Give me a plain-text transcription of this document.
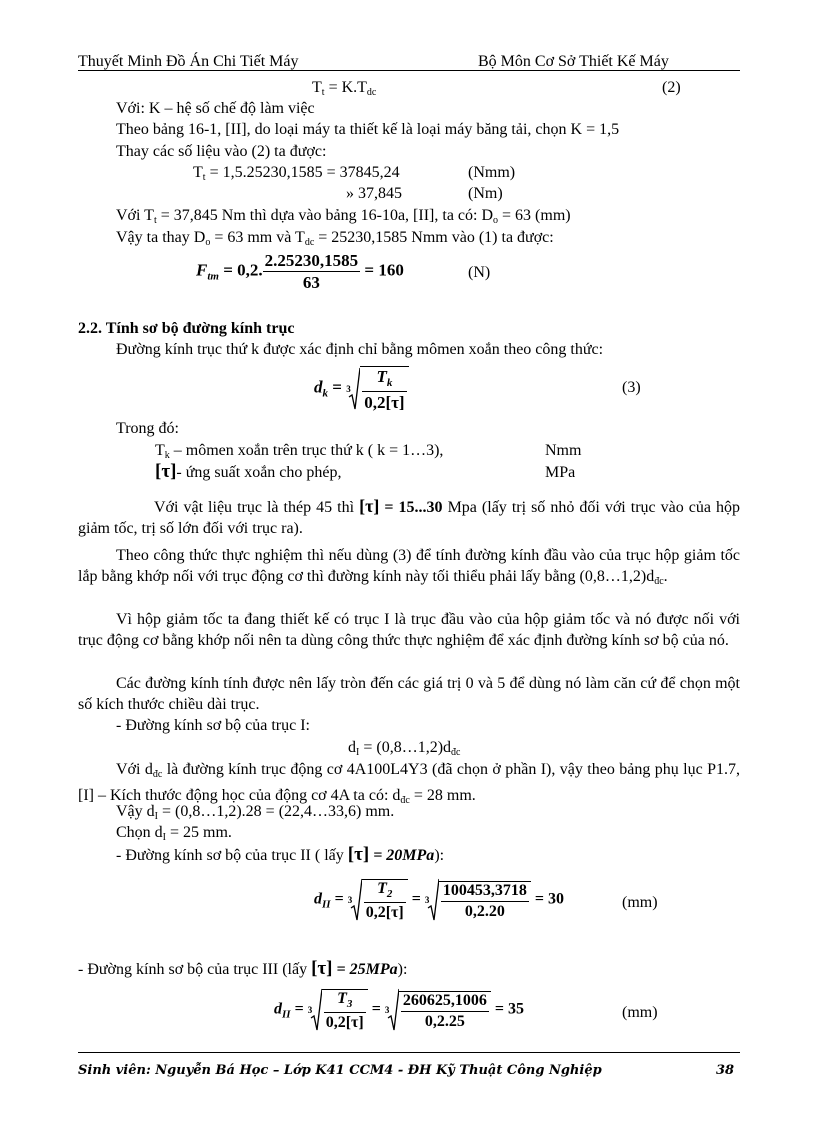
Thuyết Minh Đồ Án Chi Tiết Máy	Bộ Môn Cơ Sở Thiết Kế Máy
$T_t = K.T_{dc}$	(2)
Với: K – hệ số chế độ làm việc
Theo bảng 16-1, [II], do loại máy ta thiết kế là loại máy băng tải, chọn K = 1,5
Thay các số liệu vào (2) ta được:
$T_t = 1,5.25230,1585 = 37845,24$	(Nmm)
» 37,845	(Nm)
Với $T_t = 37,845$ Nm thì dựa vào bảng 16-10a, [II], ta có: $D_o = 63$ (mm)
Vậy ta thay $D_o = 63$ mm và $T_{dc} = 25230,1585$ Nmm vào (1) ta được:
$F_{tm} = 0,2$. $\frac{2.25230,1585}{63} = 160$	(N)
2.2. Tính sơ bộ đường kính trục
Đường kính trục thứ k được xác định chỉ bằng mômen xoắn theo công thức:
$d_k = 3 \frac{T_k}{0,2[\tau]}$	(3)
Trong đó:
$T_k$ – mômen xoắn trên trục thứ k ( k = 1…3),	Nmm
[τ]- ứng suất xoắn cho phép,	MPa
Với vật liệu trục là thép 45 thì [τ] = 15...30 Mpa (lấy trị số nhỏ đối với trục vào của hộp giảm tốc, trị số lớn đối với trục ra).
Theo công thức thực nghiệm thì nếu dùng (3) để tính đường kính đầu vào của trục hộp giảm tốc lắp bằng khớp nối với trục động cơ thì đường kính này tối thiểu phải lấy bằng $(0,8\dots 1,2)d_{đc}$.
Vì hộp giảm tốc ta đang thiết kế có trục I là trục đầu vào của hộp giảm tốc và nó được nối với trục động cơ bằng khớp nối nên ta dùng công thức thực nghiệm để xác định đường kính sơ bộ của nó.
Các đường kính tính được nên lấy tròn đến các giá trị 0 và 5 để dùng nó làm căn cứ để chọn một số kích thước chiều dài trục.
- Đường kính sơ bộ của trục I:
$d_I$ = $(0,8\dots 1,2)d_{đc}$
Với $d_{đc}$ là đường kính trục động cơ 4A100L4Y3 (đã chọn ở phần I), vậy theo bảng phụ lục P1.7, [I] – Kích thước động học của động cơ 4A ta có: $d_{đc} = 28$ mm.
Vậy $d_I$ = (0,8…1,2).28 = (22,4…33,6) mm.
Chọn $d_I = 25$ mm.
- Đường kính sơ bộ của trục II ( lấy [τ] = 20MPa):
$d_{II} = 3 \frac{T_2}{0,2[\tau]} = 3 \frac{100453,3718}{0,2.20} = 30$	(mm)
- Đường kính sơ bộ của trục III (lấy [τ] = 25MPa):
$d_{II} = 3 \frac{T_3}{0,2[\tau]} = 3 \frac{260625,1006}{0,2.25} = 35$	(mm)
Sinh viên: Nguyễn Bá Học – Lớp K41 CCM4 - ĐH Kỹ Thuật Công Nghiệp	38
